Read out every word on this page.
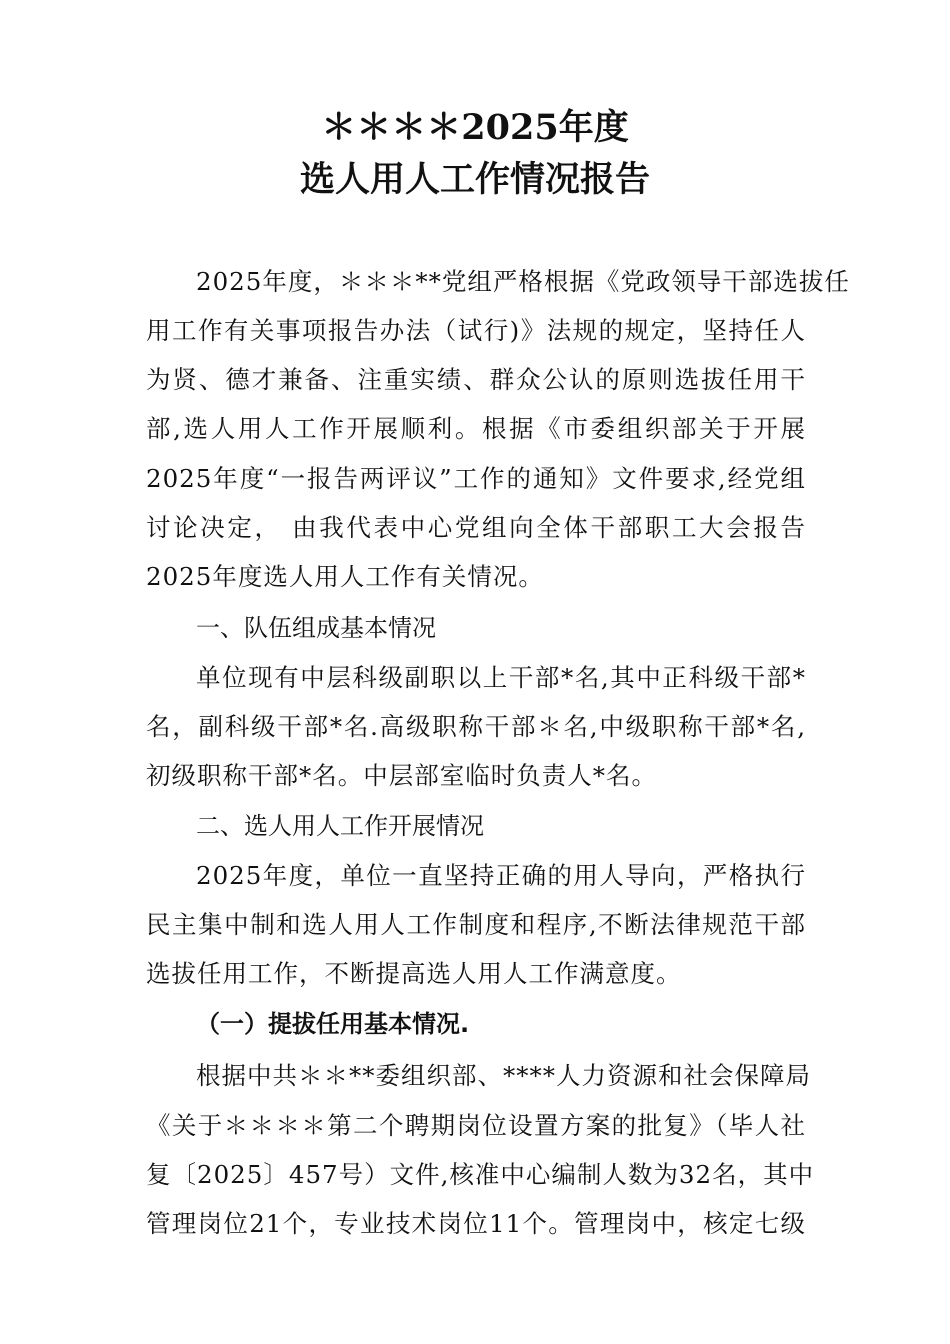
＊＊＊＊2025年度
选人用人工作情况报告
2025年度，＊＊＊**党组严格根据《党政领导干部选拔任
用工作有关事项报告办法（试行)》法规的规定，坚持任人
为贤、德才兼备、注重实绩、群众公认的原则选拔任用干
部,选人用人工作开展顺利。根据《市委组织部关于开展
2025年度“一报告两评议”工作的通知》文件要求,经党组
讨论决定， 由我代表中心党组向全体干部职工大会报告
2025年度选人用人工作有关情况。
一、队伍组成基本情况
单位现有中层科级副职以上干部*名,其中正科级干部*
名，副科级干部*名.高级职称干部＊名,中级职称干部*名,
初级职称干部*名。中层部室临时负责人*名。
二、选人用人工作开展情况
2025年度，单位一直坚持正确的用人导向，严格执行
民主集中制和选人用人工作制度和程序,不断法律规范干部
选拔任用工作，不断提高选人用人工作满意度。
（一）提拔任用基本情况.
根据中共＊＊**委组织部、****人力资源和社会保障局
《关于＊＊＊＊第二个聘期岗位设置方案的批复》（毕人社
复〔2025〕457号）文件,核准中心编制人数为32名，其中
管理岗位21个，专业技术岗位11个。管理岗中，核定七级
